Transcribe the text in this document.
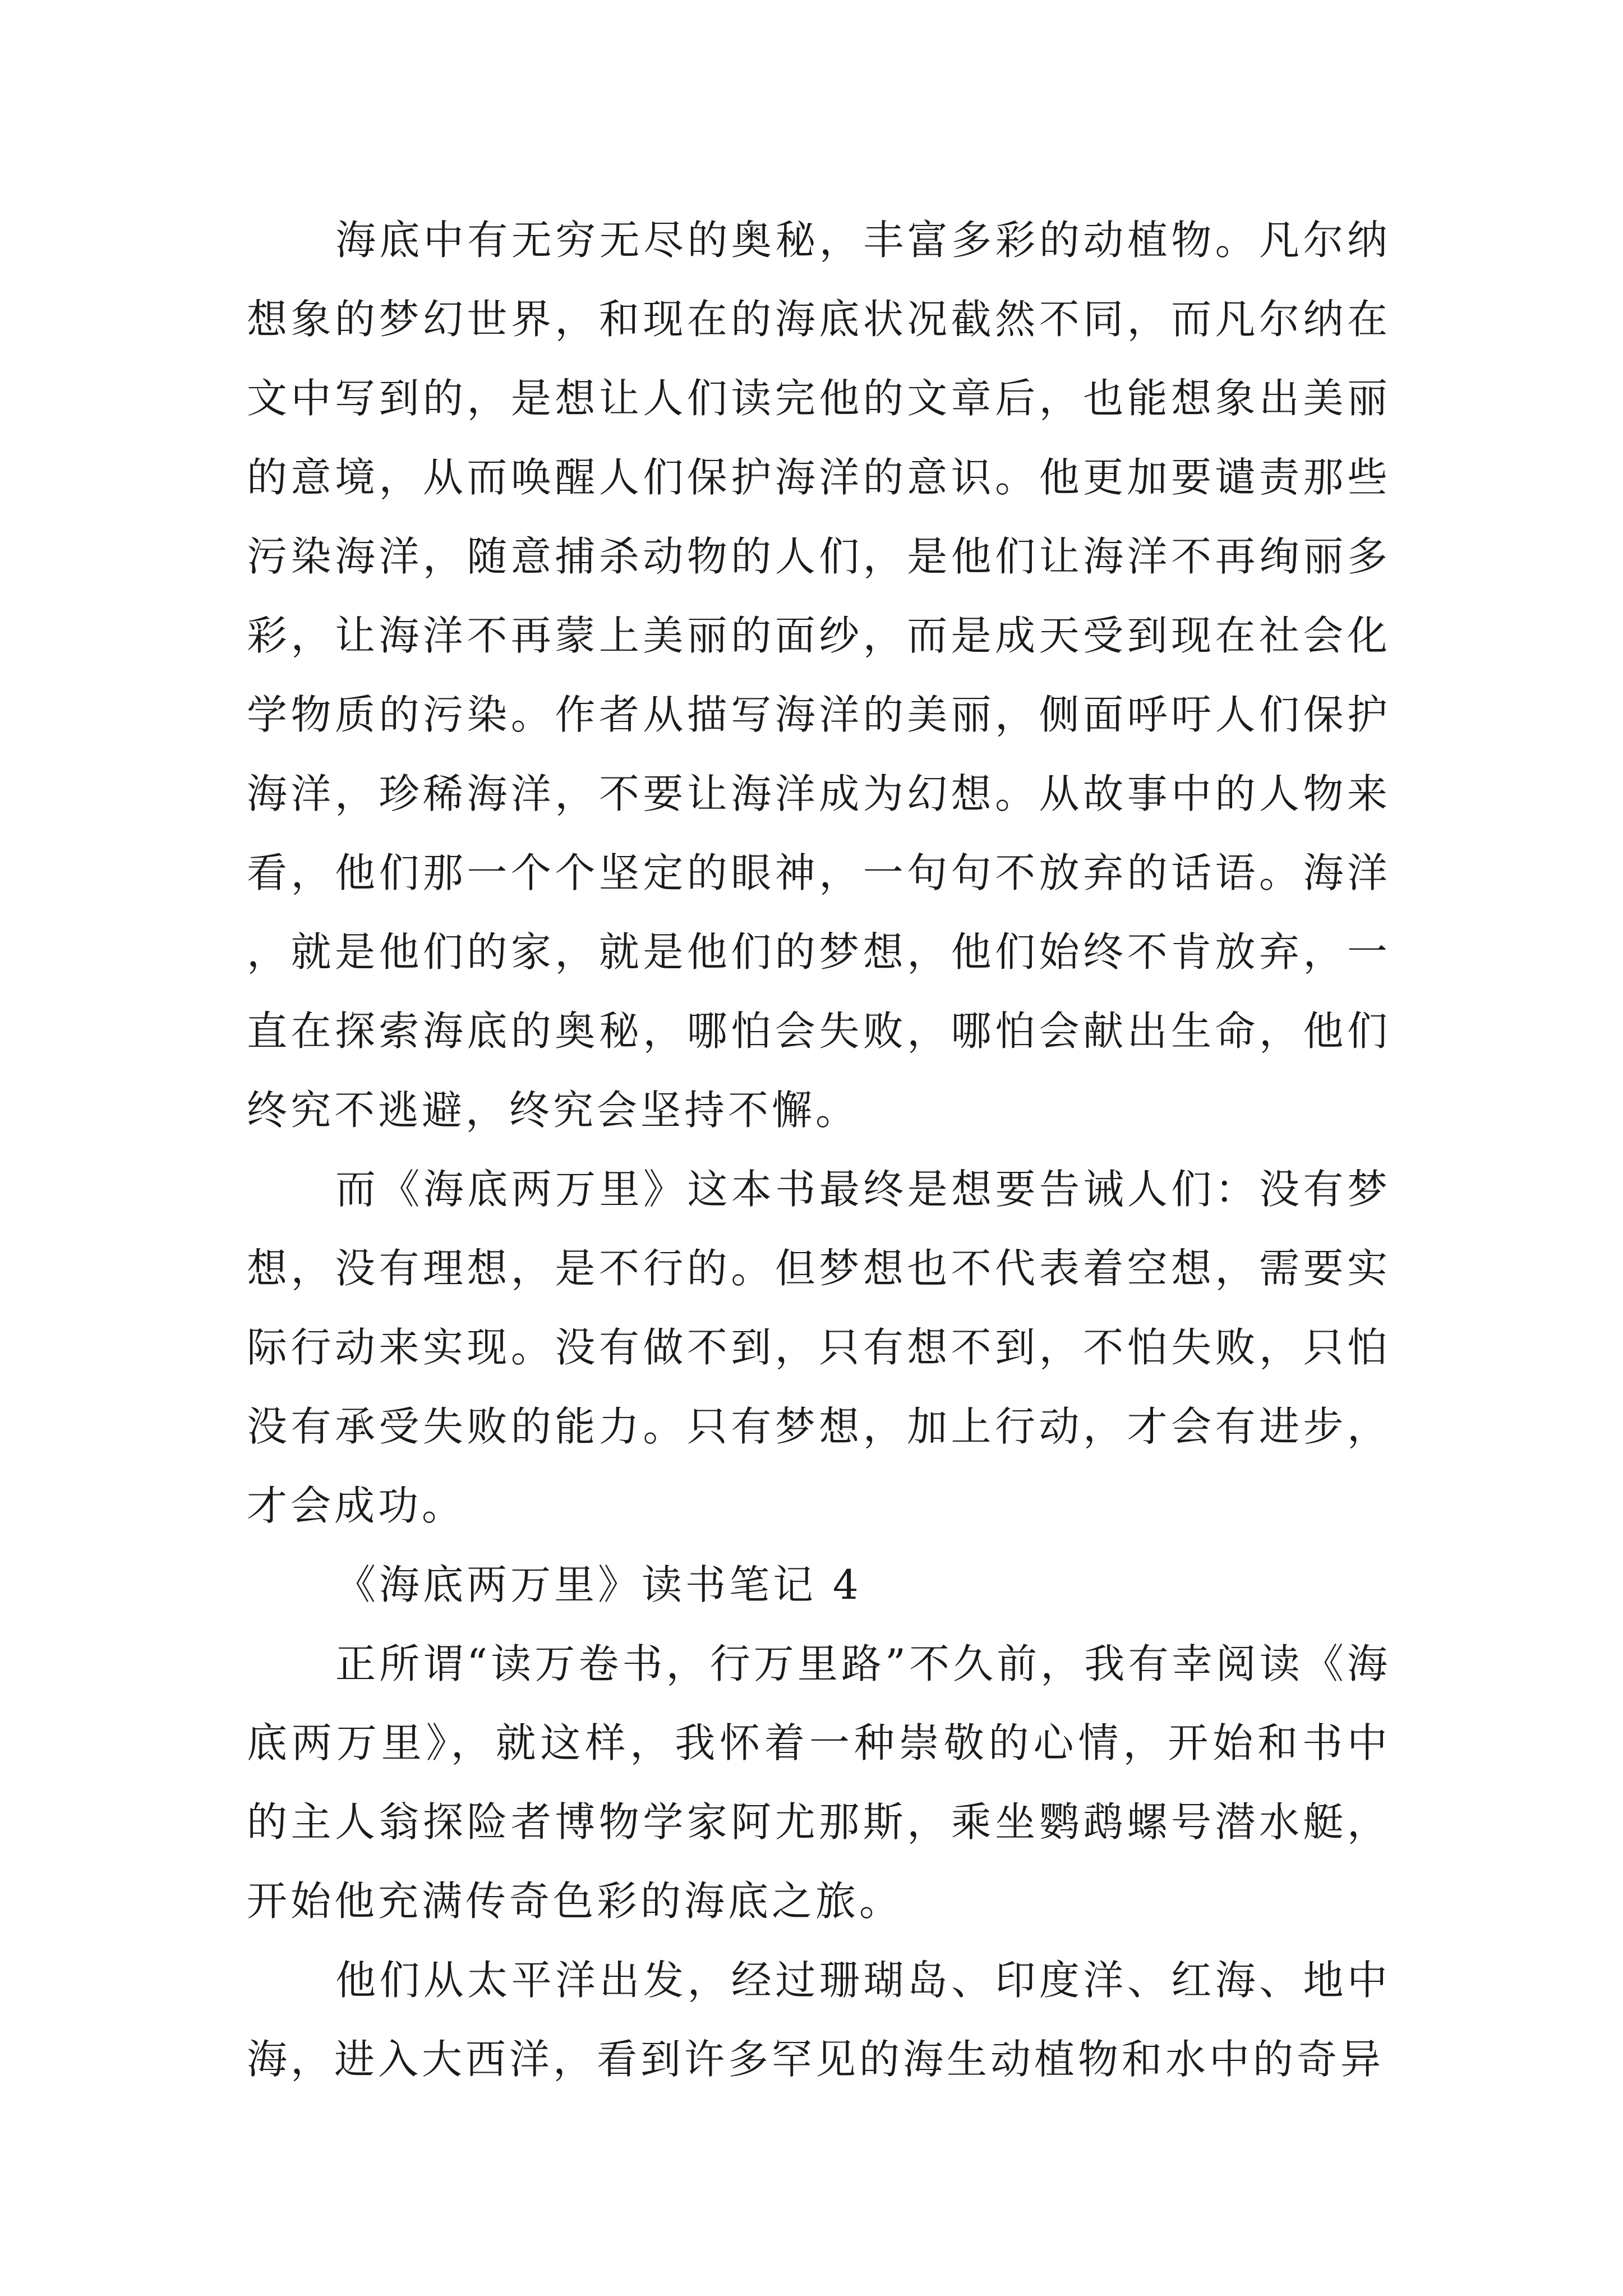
海底中有无穷无尽的奥秘，丰富多彩的动植物。凡尔纳想象的梦幻世界，和现在的海底状况截然不同，而凡尔纳在文中写到的，是想让人们读完他的文章后，也能想象出美丽的意境，从而唤醒人们保护海洋的意识。他更加要谴责那些污染海洋，随意捕杀动物的人们，是他们让海洋不再绚丽多彩，让海洋不再蒙上美丽的面纱，而是成天受到现在社会化学物质的污染。作者从描写海洋的美丽，侧面呼吁人们保护海洋，珍稀海洋，不要让海洋成为幻想。从故事中的人物来看，他们那一个个坚定的眼神，一句句不放弃的话语。海洋，就是他们的家，就是他们的梦想，他们始终不肯放弃，一直在探索海底的奥秘，哪怕会失败，哪怕会献出生命，他们终究不逃避，终究会坚持不懈。

而《海底两万里》这本书最终是想要告诫人们：没有梦想，没有理想，是不行的。但梦想也不代表着空想，需要实际行动来实现。没有做不到，只有想不到，不怕失败，只怕没有承受失败的能力。只有梦想，加上行动，才会有进步，才会成功。

《海底两万里》读书笔记 4

正所谓“读万卷书，行万里路”不久前，我有幸阅读《海底两万里》，就这样，我怀着一种崇敬的心情，开始和书中的主人翁探险者博物学家阿尤那斯，乘坐鹦鹉螺号潜水艇，开始他充满传奇色彩的海底之旅。

他们从太平洋出发，经过珊瑚岛、印度洋、红海、地中海，进入大西洋，看到许多罕见的海生动植物和水中的奇异
